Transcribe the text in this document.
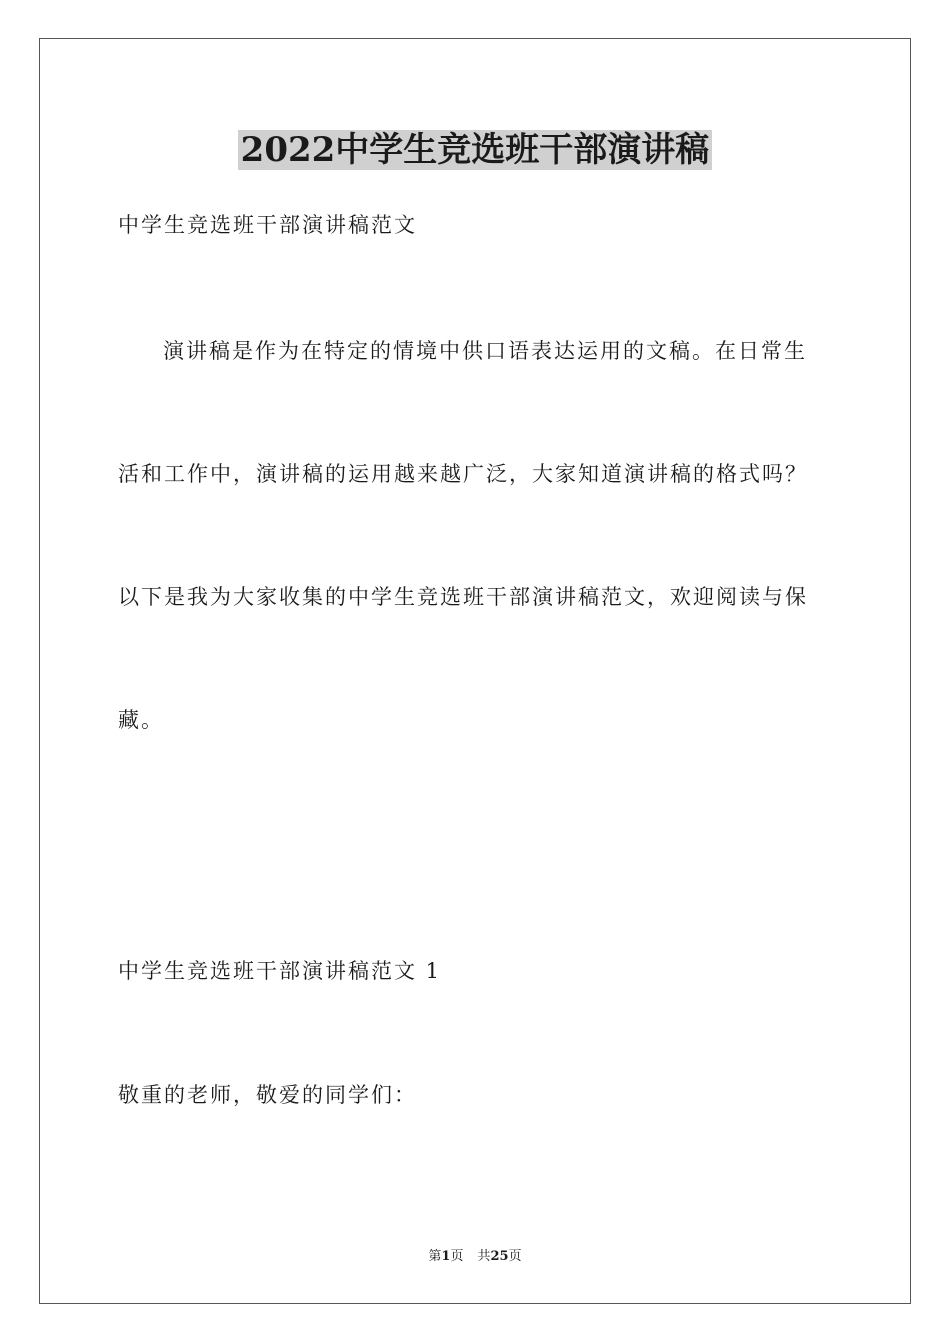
2022中学生竞选班干部演讲稿
中学生竞选班干部演讲稿范文
演讲稿是作为在特定的情境中供口语表达运用的文稿。在日常生
活和工作中，演讲稿的运用越来越广泛，大家知道演讲稿的格式吗？
以下是我为大家收集的中学生竞选班干部演讲稿范文，欢迎阅读与保
藏。
中学生竞选班干部演讲稿范文 1
敬重的老师，敬爱的同学们：
第1页 共25页
